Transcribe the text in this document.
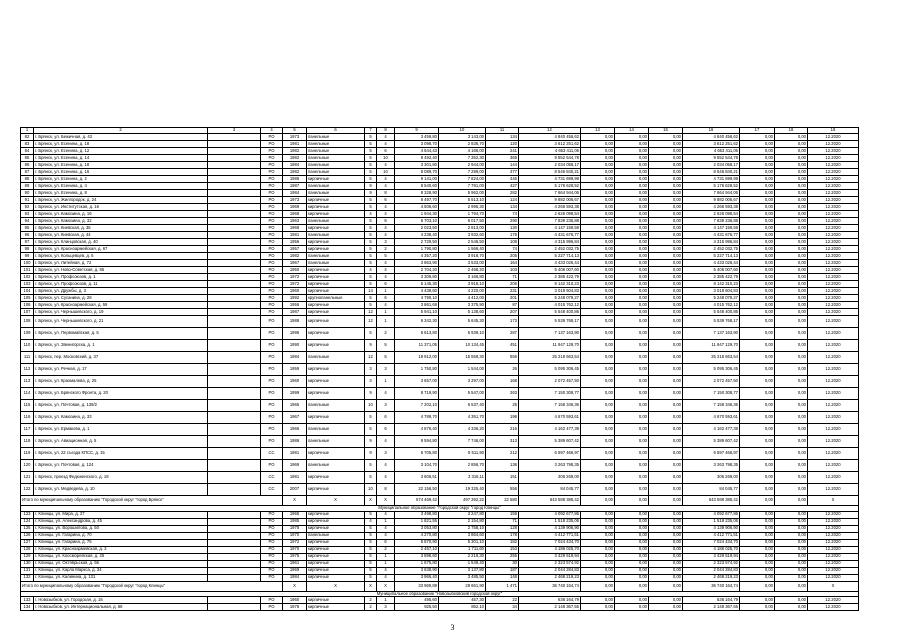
1	2	3	4	5	6	7	8	9	10	11	12	13	14	15	16	17	18	19
82	г. Брянск, ул. Бежичная, д. 43		РО	1973	панельные	5	4	3 459,80	3 143,00	134	4 840 456,62	0,00	0,00	0,00	4 840 456,62	0,00	0,00	12.2020
83	г. Брянск, ул. Есенина, д. 18		РО	1981	панельные	5	4	3 098,70	2 836,70	120	3 612 251,62	0,00	0,00	0,00	3 612 251,62	0,00	0,00	12.2020
84	г. Брянск, ул. Есенина, д. 12		РО	1982	панельные	5	6	4 644,43	4 166,00	241	4 653 411,06	0,00	0,00	0,00	4 653 411,06	0,00	0,00	12.2020
85	г. Брянск, ул. Есенина, д. 14		РО	1982	панельные	5	10	8 492,40	7 352,30	365	9 552 544,78	0,00	0,00	0,00	9 552 544,78	0,00	0,00	12.2020
86	г. Брянск, ул. Есенина, д. 18		РО	1984	панельные	5	4	3 301,80	2 944,00	144	2 034 058,17	0,00	0,00	0,00	2 034 058,17	0,00	0,00	12.2020
87	г. Брянск, ул. Есенина, д. 16		РО	1982	панельные	5	10	8 089,70	7 299,00	377	8 546 840,21	0,00	0,00	0,00	8 546 840,21	0,00	0,00	12.2020
88	г. Брянск, ул. Есенина, д. 2		РО	1986	кирпичные	5	4	9 141,00	7 824,00	446	4 731 699,99	0,00	0,00	0,00	4 731 699,99	0,00	0,00	12.2020
89	г. Брянск, ул. Есенина, д. 4		РО	1987	панельные	9	4	8 540,60	7 791,00	427	5 176 628,52	0,00	0,00	0,00	5 176 628,52	0,00	0,00	12.2020
90	г. Брянск, ул. Есенина, д. 8		РО	1984	панельные	9	8	8 328,90	5 962,00	282	7 664 944,06	0,00	0,00	0,00	7 664 944,06	0,00	0,00	12.2020
91	г. Брянск, ул. Жилгородок, д. 24		РО	1973	кирпичные	5	6	6 497,70	5 513,10	124	9 882 006,67	0,00	0,00	0,00	9 882 006,67	0,00	0,00	12.2020
92	г. Брянск, ул. Институтская, д. 16		РО	1969	кирпичные	5	4	4 506,60	2 995,30	134	4 266 593,38	0,00	0,00	0,00	4 266 593,38	0,00	0,00	12.2020
93	г. Брянск, ул. Камозина, д. 16		РО	1968	кирпичные	4	4	1 944,30	1 794,70	74	2 626 098,54	0,00	0,00	0,00	2 626 098,54	0,00	0,00	12.2020
94	г. Брянск, ул. Камозина, д. 32		РО	1963	панельные	5	8	6 703,10	6 017,50	290	7 839 236,88	0,00	0,00	0,00	7 839 236,88	0,00	0,00	12.2020
95	г. Брянск, ул. Киевская, д. 35		РО	1968	кирпичные	5	4	2 023,50	2 613,00	130	4 147 159,59	0,00	0,00	0,00	4 147 159,59	0,00	0,00	12.2020
96	г. Брянск, ул. Киевская, д. 44		РО	1981	панельные	5	4	4 238,40	3 932,60	176	4 431 676,77	0,00	0,00	0,00	4 431 676,77	0,00	0,00	12.2020
97	г. Брянск, ул. Клинцовская, д. 40		РО	1956	кирпичные	5	3	2 729,50	2 546,50	108	4 315 996,84	0,00	0,00	0,00	4 315 996,84	0,00	0,00	12.2020
98	г. Брянск, ул. Красноармейская, д. 67		РО	1957	кирпичные	5	2	1 790,80	1 566,40	74	2 452 032,75	0,00	0,00	0,00	2 452 032,75	0,00	0,00	12.2020
99	г. Брянск, ул. Кольцевцев, д. 5		РО	1982	панельные	5	5	4 357,20	3 918,70	205	5 227 714,13	0,00	0,00	0,00	5 227 714,13	0,00	0,00	12.2020
100	г. Брянск, ул. Литейная, д. 72		РО	1967	панельные	5	4	3 863,90	3 533,00	164	4 433 026,44	0,00	0,00	0,00	4 433 026,44	0,00	0,00	12.2020
101	г. Брянск, ул. Ново-Советская, д. 85		РО	1950	кирпичные	4	4	2 704,20	2 468,20	103	5 406 007,60	0,00	0,00	0,00	5 406 007,60	0,00	0,00	12.2020
102	г. Брянск, ул. Профсоюзов, д. 1		РО	1972	кирпичные	5	4	3 309,80	3 166,80	71	2 385 422,79	0,00	0,00	0,00	2 385 422,79	0,00	0,00	12.2020
103	г. Брянск, ул. Профсоюзов, д. 11		РО	1972	кирпичные	5	6	5 145,30	3 918,10	206	8 142 310,23	0,00	0,00	0,00	8 142 310,23	0,00	0,00	12.2020
104	г. Брянск, ул. Дружбы, д. 3		РО	1960	кирпичные	14	1	4 439,60	4 220,00	231	3 019 604,83	0,00	0,00	0,00	3 019 604,83	0,00	0,00	12.2020
105	г. Брянск, ул. Сусанина, д. 28		РО	1992	крупнопанельные	5	6	4 790,10	4 412,00	201	5 248 079,27	0,00	0,00	0,00	5 248 079,27	0,00	0,00	12.2020
106	г. Брянск, ул. Красноармейская, д. 59		РО	1956	кирпичные	5	4	3 861,68	3 375,90	87	4 015 762,12	0,00	0,00	0,00	4 015 762,12	0,00	0,00	12.2020
107	г. Брянск, ул. Чернышевского, д. 19		РО	1987	кирпичные	12	1	5 941,10	5 138,60	207	5 548 400,86	0,00	0,00	0,00	5 548 400,86	0,00	0,00	12.2020
108	г. Брянск, ул. Чернышевского, д. 21		РО	1988	кирпичные	12	1	6 342,30	5 645,30	173	5 539 768,17	0,00	0,00	0,00	5 539 768,17	0,00	0,00	12.2020
109	г. Брянск, ул. Первомайская, д. 5		РО	1996	кирпичные	5	2	6 613,80	5 939,10	287	7 137 163,90	0,00	0,00	0,00	7 137 163,90	0,00	0,00	12.2020
110	г. Брянск, ул. Звенигорска, д. 1		РО	1990	кирпичные	9	5	11 371,05	10 134,45	451	11 947 129,70	0,00	0,00	0,00	11 947 129,70	0,00	0,00	12.2020
111	г. Брянск, пер. Московский, д. 37		РО	1984	панельные	12	5	18 912,00	15 559,30	556	25 218 663,54	0,00	0,00	0,00	25 218 663,54	0,00	0,00	12.2020
112	г. Брянск, ул. Речная, д. 17		РО	1959	кирпичные	3	3	1 750,80	1 544,00	26	5 095 306,45	0,00	0,00	0,00	5 095 306,45	0,00	0,00	12.2020
113	г. Брянск, ул. Крахмалева, д. 25		РО	1960	кирпичные	3	1	3 657,00	3 297,00	168	2 072 457,50	0,00	0,00	0,00	2 072 457,50	0,00	0,00	12.2020
114	г. Брянск, ул. Брянского Фронта, д. 20		РО	1999	кирпичные	9	4	8 719,90	5 547,00	263	7 150 308,77	0,00	0,00	0,00	7 150 308,77	0,00	0,00	12.2020
115	г. Брянск, ул. Почтовая, д. 139/2		РО	1965	панельные	10	3	7 202,10	6 537,40	25	7 158 346,36	0,00	0,00	0,00	7 158 346,36	0,00	0,00	12.2020
116	г. Брянск, ул. Камозина, д. 33		РО	1967	кирпичные	5	6	4 789,70	4 351,70	196	4 670 593,61	0,00	0,00	0,00	4 670 593,61	0,00	0,00	12.2020
117	г. Брянск, ул. Ермакова, д. 1		РО	1966	панельные	5	6	4 876,40	4 336,20	216	4 162 477,39	0,00	0,00	0,00	4 162 477,39	0,00	0,00	12.2020
118	г. Брянск, ул. Авиационная, д. 5		РО	1986	панельные	9	4	9 594,80	7 746,00	313	5 389 607,42	0,00	0,00	0,00	5 389 607,42	0,00	0,00	12.2020
119	г. Брянск, ул. 22 съезда КПСС, д. 15		СС	1981	кирпичные	9	3	6 705,80	5 511,90	212	6 597 466,97	0,00	0,00	0,00	6 597 466,97	0,00	0,00	12.2020
120	г. Брянск, ул. Почтовая, д. 124		РО	1969	панельные	5	4	3 104,70	2 856,70	136	3 263 798,35	0,00	0,00	0,00	3 263 798,35	0,00	0,00	12.2020
121	г. Брянск, проезд Федюнинского, д. 18		СС	1981	кирпичные	5	4	3 606,51	3 316,11	151	306 269,00	0,00	0,00	0,00	306 269,00	0,00	0,00	12.2020
122	г. Брянск, ул. Медведева, д. 10		СС	2007	кирпичные	10	8	22 156,50	19 325,40	556	84 045,77	0,00	0,00	0,00	84 045,77	0,00	0,00	12.2020
Итого по муниципальному образованию "Городской округ "город Брянск"				X	X	X	X	574 469,42	497 392,22	22 580	643 588 388,42	0,00	0,00	0,00	643 588 388,42	0,00	0,00	X
Муниципальное образование "Городской округ "город Клинцы"																		
123	г. Клинцы, ул. Мира, д. 27		РО	1965	кирпичные	5	4	3 498,80	3 247,80	159	4 092 677,86	0,00	0,00	0,00	4 092 677,86	0,00	0,00	12.2020
124	г. Клинцы, ул. Александрова, д. 45		РО	1985	кирпичные	4	1	1 821,55	2 154,80	71	1 518 235,06	0,00	0,00	0,00	1 518 235,06	0,00	0,00	12.2020
125	г. Клинцы, ул. Ворошилова, д. 50		РО	1978	кирпичные	5	4	3 053,80	2 758,10	128	4 139 906,90	0,00	0,00	0,00	4 139 906,90	0,00	0,00	12.2020
126	г. Клинцы, ул. Гагарина, д. 70		РО	1970	панельные	5	4	4 270,80	3 864,60	178	4 412 771,51	0,00	0,00	0,00	4 412 771,51	0,00	0,00	12.2020
127	г. Клинцы, ул. Гагарина, д. 75		РО	1972	кирпичные	5	6	5 870,90	5 301,10	182	7 024 434,70	0,00	0,00	0,00	7 024 434,70	0,00	0,00	12.2020
128	г. Клинцы, ул. Красноармейская, д. 3		РО	1970	кирпичные	5	2	2 457,10	1 711,60	153	4 186 025,70	0,00	0,00	0,00	4 186 025,70	0,00	0,00	12.2020
129	г. Клинцы, ул. Коосморейская, д. 25		РО	1975	кирпичные	5	1	3 898,60	2 219,30	255	3 429 519,94	0,00	0,00	0,00	3 429 519,94	0,00	0,00	12.2020
130	г. Клинцы, ул. Октябрьская, д. 56		РО	1961	кирпичные	5	1	1 675,80	1 548,40	30	2 323 574,92	0,00	0,00	0,00	2 323 574,92	0,00	0,00	12.2020
131	г. Клинцы, ул. Карла Маркса, д. 34		РО	1969	кирпичные	5	4	3 638,90	3 137,80	187	2 044 284,83	0,00	0,00	0,00	2 044 284,83	0,00	0,00	12.2020
132	г. Клинцы, ул. Калинина, д. 131		РО	1984	кирпичные	5	4	3 966,40	3 485,50	148	2 468 219,23	0,00	0,00	0,00	2 468 219,23	0,00	0,00	12.2020
Итого по муниципальному образованию "Городской округ "город Клинцы"				X	X	X	X	33 969,89	28 661,90	1 471	36 740 164,74	0,00	0,00	0,00	36 740 164,74	0,00	0,00	X
Муниципальное образование "Новозыбковский городской округ"																		
133	г. Новозыбков, ул. Городская, д. 16		РО	1960	кирпичные	2	1	495,60	457,30	22	636 164,79	0,00	0,00	0,00	636 164,79	0,00	0,00	12.2020
134	г. Новозыбков, ул. Интернациональная, д. 68		РО	1976	кирпичные	2	3	925,50	852,10	34	2 148 367,55	0,00	0,00	0,00	2 148 367,55	0,00	0,00	12.2020
3
